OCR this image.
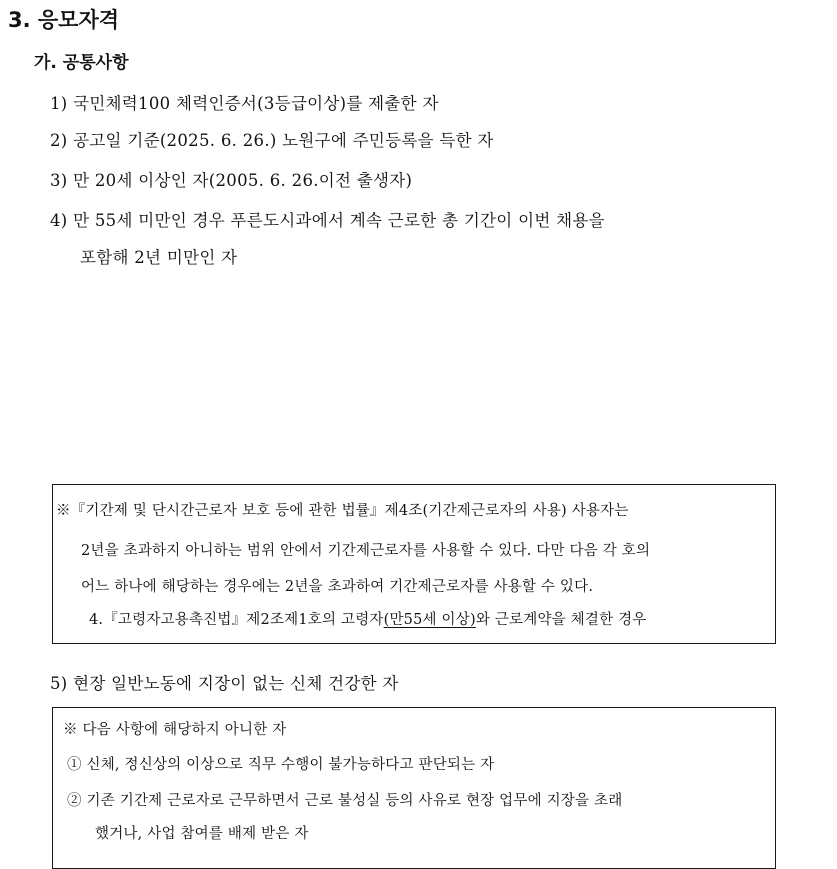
3. 응모자격
가. 공통사항
1) 국민체력100 체력인증서(3등급이상)를 제출한 자
2) 공고일 기준(2025. 6. 26.) 노원구에 주민등록을 득한 자
3) 만 20세 이상인 자(2005. 6. 26.이전 출생자)
4) 만 55세 미만인 경우 푸른도시과에서 계속 근로한 총 기간이 이번 채용을
포함해 2년 미만인 자
※『기간제 및 단시간근로자 보호 등에 관한 법률』제4조(기간제근로자의 사용) 사용자는
2년을 초과하지 아니하는 범위 안에서 기간제근로자를 사용할 수 있다. 다만 다음 각 호의
어느 하나에 해당하는 경우에는 2년을 초과하여 기간제근로자를 사용할 수 있다.
4.『고령자고용촉진법』제2조제1호의 고령자(만55세 이상)와 근로계약을 체결한 경우
5) 현장 일반노동에 지장이 없는 신체 건강한 자
※ 다음 사항에 해당하지 아니한 자
① 신체, 정신상의 이상으로 직무 수행이 불가능하다고 판단되는 자
② 기존 기간제 근로자로 근무하면서 근로 불성실 등의 사유로 현장 업무에 지장을 초래
했거나, 사업 참여를 배제 받은 자
